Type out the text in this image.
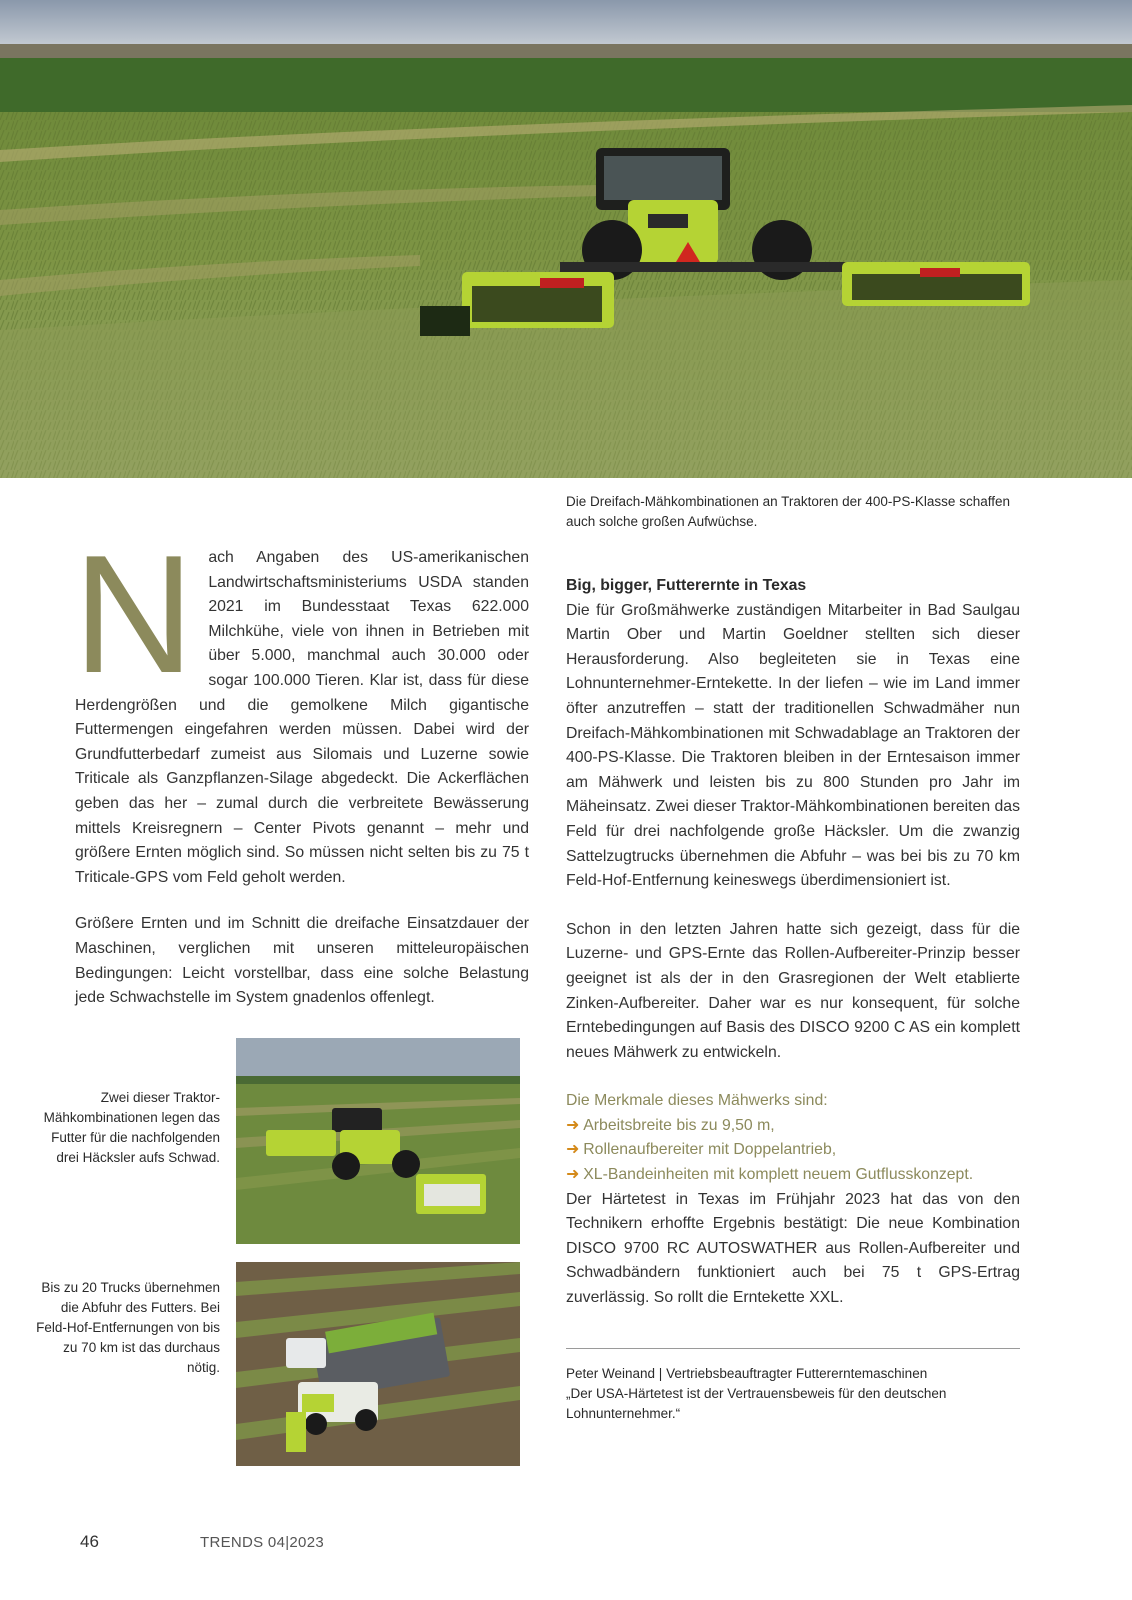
Die Dreifach-Mähkombinationen an Traktoren der 400-PS-Klasse schaffen auch solche großen Aufwüchse.

N ach Angaben des US-amerikanischen Landwirtschaftsministeriums USDA standen 2021 im Bundesstaat Texas 622.000 Milchkühe, viele von ihnen in Betrieben mit über 5.000, manchmal auch 30.000 oder sogar 100.000 Tieren. Klar ist, dass für diese Herdengrößen und die gemolkene Milch gigantische Futtermengen eingefahren werden müssen. Dabei wird der Grundfutterbedarf zumeist aus Silomais und Luzerne sowie Triticale als Ganzpflanzen-Silage abgedeckt. Die Ackerflächen geben das her – zumal durch die verbreitete Bewässerung mittels Kreisregnern – Center Pivots genannt – mehr und größere Ernten möglich sind. So müssen nicht selten bis zu 75 t Triticale-GPS vom Feld geholt werden.

Größere Ernten und im Schnitt die dreifache Einsatzdauer der Maschinen, verglichen mit unseren mitteleuropäischen Bedingungen: Leicht vorstellbar, dass eine solche Belastung jede Schwachstelle im System gnadenlos offenlegt.

Big, bigger, Futterernte in Texas

Die für Großmähwerke zuständigen Mitarbeiter in Bad Saulgau Martin Ober und Martin Goeldner stellten sich dieser Herausforderung. Also begleiteten sie in Texas eine Lohnunternehmer-Erntekette. In der liefen – wie im Land immer öfter anzutreffen – statt der traditionellen Schwadmäher nun Dreifach-Mähkombinationen mit Schwadablage an Traktoren der 400-PS-Klasse. Die Traktoren bleiben in der Erntesaison immer am Mähwerk und leisten bis zu 800 Stunden pro Jahr im Mäheinsatz. Zwei dieser Traktor-Mähkombinationen bereiten das Feld für drei nachfolgende große Häcksler. Um die zwanzig Sattelzugtrucks übernehmen die Abfuhr – was bei bis zu 70 km Feld-Hof-Entfernung keineswegs überdimensioniert ist.

Schon in den letzten Jahren hatte sich gezeigt, dass für die Luzerne- und GPS-Ernte das Rollen-Aufbereiter-Prinzip besser geeignet ist als der in den Grasregionen der Welt etablierte Zinken-Aufbereiter. Daher war es nur konsequent, für solche Erntebedingungen auf Basis des DISCO 9200 C AS ein komplett neues Mähwerk zu entwickeln.

Die Merkmale dieses Mähwerks sind:
➜ Arbeitsbreite bis zu 9,50 m,
➜ Rollenaufbereiter mit Doppelantrieb,
➜ XL-Bandeinheiten mit komplett neuem Gutflusskonzept.

Der Härtetest in Texas im Frühjahr 2023 hat das von den Technikern erhoffte Ergebnis bestätigt: Die neue Kombination DISCO 9700 RC AUTOSWATHER aus Rollen-Aufbereiter und Schwadbändern funktioniert auch bei 75 t GPS-Ertrag zuverlässig. So rollt die Erntekette XXL.

Peter Weinand | Vertriebsbeauftragter Futtererntemaschinen
„Der USA-Härtetest ist der Vertrauensbeweis für den deutschen Lohnunternehmer.“
Zwei dieser Traktor-Mähkombinationen legen das Futter für die nachfolgenden drei Häcksler aufs Schwad.
Bis zu 20 Trucks übernehmen die Abfuhr des Futters. Bei Feld-Hof-Entfernungen von bis zu 70 km ist das durchaus nötig.
46	TRENDS 04|2023
